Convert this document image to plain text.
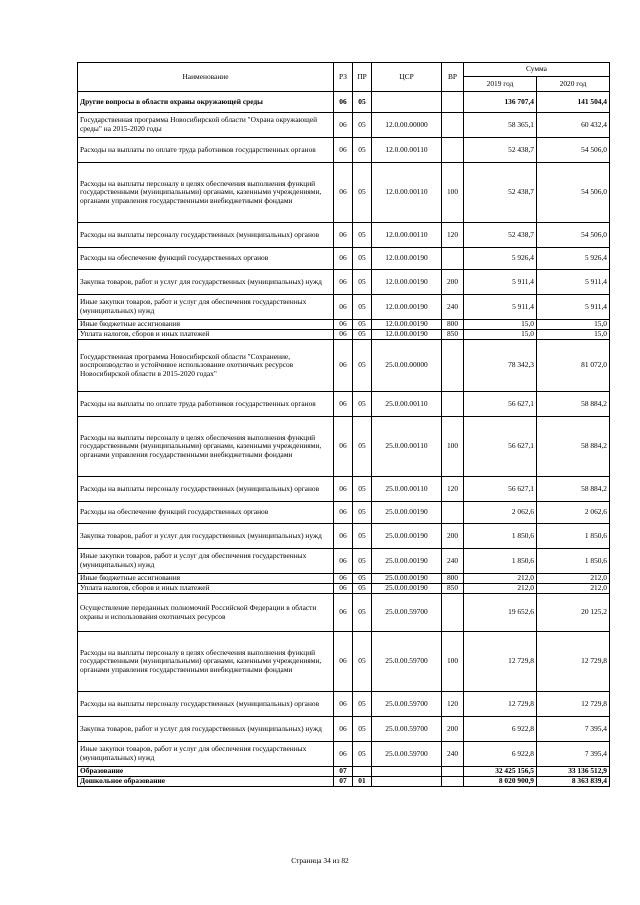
Наименование	РЗ	ПР	ЦСР	ВР	Сумма	
					2019 год	2020 год
Другие вопросы в области охраны окружающей среды	06	05			136 707,4	141 504,4
Государственная программа Новосибирской области "Охрана окружающей среды" на 2015-2020 годы	06	05	12.0.00.00000		58 365,1	60 432,4
Расходы на выплаты по оплате труда работников государственных органов	06	05	12.0.00.00110		52 438,7	54 506,0
Расходы на выплаты персоналу в целях обеспечения выполнения функций государственными (муниципальными) органами, казенными учреждениями, органами управления государственными внебюджетными фондами	06	05	12.0.00.00110	100	52 438,7	54 506,0
Расходы на выплаты персоналу государственных (муниципальных) органов	06	05	12.0.00.00110	120	52 438,7	54 506,0
Расходы на обеспечение функций государственных органов	06	05	12.0.00.00190		5 926,4	5 926,4
Закупка товаров, работ и услуг для государственных (муниципальных) нужд	06	05	12.0.00.00190	200	5 911,4	5 911,4
Иные закупки товаров, работ и услуг для обеспечения государственных (муниципальных) нужд	06	05	12.0.00.00190	240	5 911,4	5 911,4
Иные бюджетные ассигнования	06	05	12.0.00.00190	800	15,0	15,0
Уплата налогов, сборов и иных платежей	06	05	12.0.00.00190	850	15,0	15,0
Государственная программа Новосибирской области "Сохранение, воспроизводство и устойчивое использование охотничьих ресурсов Новосибирской области в 2015-2020 годах"	06	05	25.0.00.00000		78 342,3	81 072,0
Расходы на выплаты по оплате труда работников государственных органов	06	05	25.0.00.00110		56 627,1	58 884,2
Расходы на выплаты персоналу в целях обеспечения выполнения функций государственными (муниципальными) органами, казенными учреждениями, органами управления государственными внебюджетными фондами	06	05	25.0.00.00110	100	56 627,1	58 884,2
Расходы на выплаты персоналу государственных (муниципальных) органов	06	05	25.0.00.00110	120	56 627,1	58 884,2
Расходы на обеспечение функций государственных органов	06	05	25.0.00.00190		2 062,6	2 062,6
Закупка товаров, работ и услуг для государственных (муниципальных) нужд	06	05	25.0.00.00190	200	1 850,6	1 850,6
Иные закупки товаров, работ и услуг для обеспечения государственных (муниципальных) нужд	06	05	25.0.00.00190	240	1 850,6	1 850,6
Иные бюджетные ассигнования	06	05	25.0.00.00190	800	212,0	212,0
Уплата налогов, сборов и иных платежей	06	05	25.0.00.00190	850	212,0	212,0
Осуществление переданных полномочий Российской Федерации в области охраны и использования охотничьих ресурсов	06	05	25.0.00.59700		19 652,6	20 125,2
Расходы на выплаты персоналу в целях обеспечения выполнения функций государственными (муниципальными) органами, казенными учреждениями, органами управления государственными внебюджетными фондами	06	05	25.0.00.59700	100	12 729,8	12 729,8
Расходы на выплаты персоналу государственных (муниципальных) органов	06	05	25.0.00.59700	120	12 729,8	12 729,8
Закупка товаров, работ и услуг для государственных (муниципальных) нужд	06	05	25.0.00.59700	200	6 922,8	7 395,4
Иные закупки товаров, работ и услуг для обеспечения государственных (муниципальных) нужд	06	05	25.0.00.59700	240	6 922,8	7 395,4
Образование	07				32 425 156,5	33 136 512,9
Дошкольное образование	07	01			8 020 900,9	8 363 839,4
Страница 34 из 82
